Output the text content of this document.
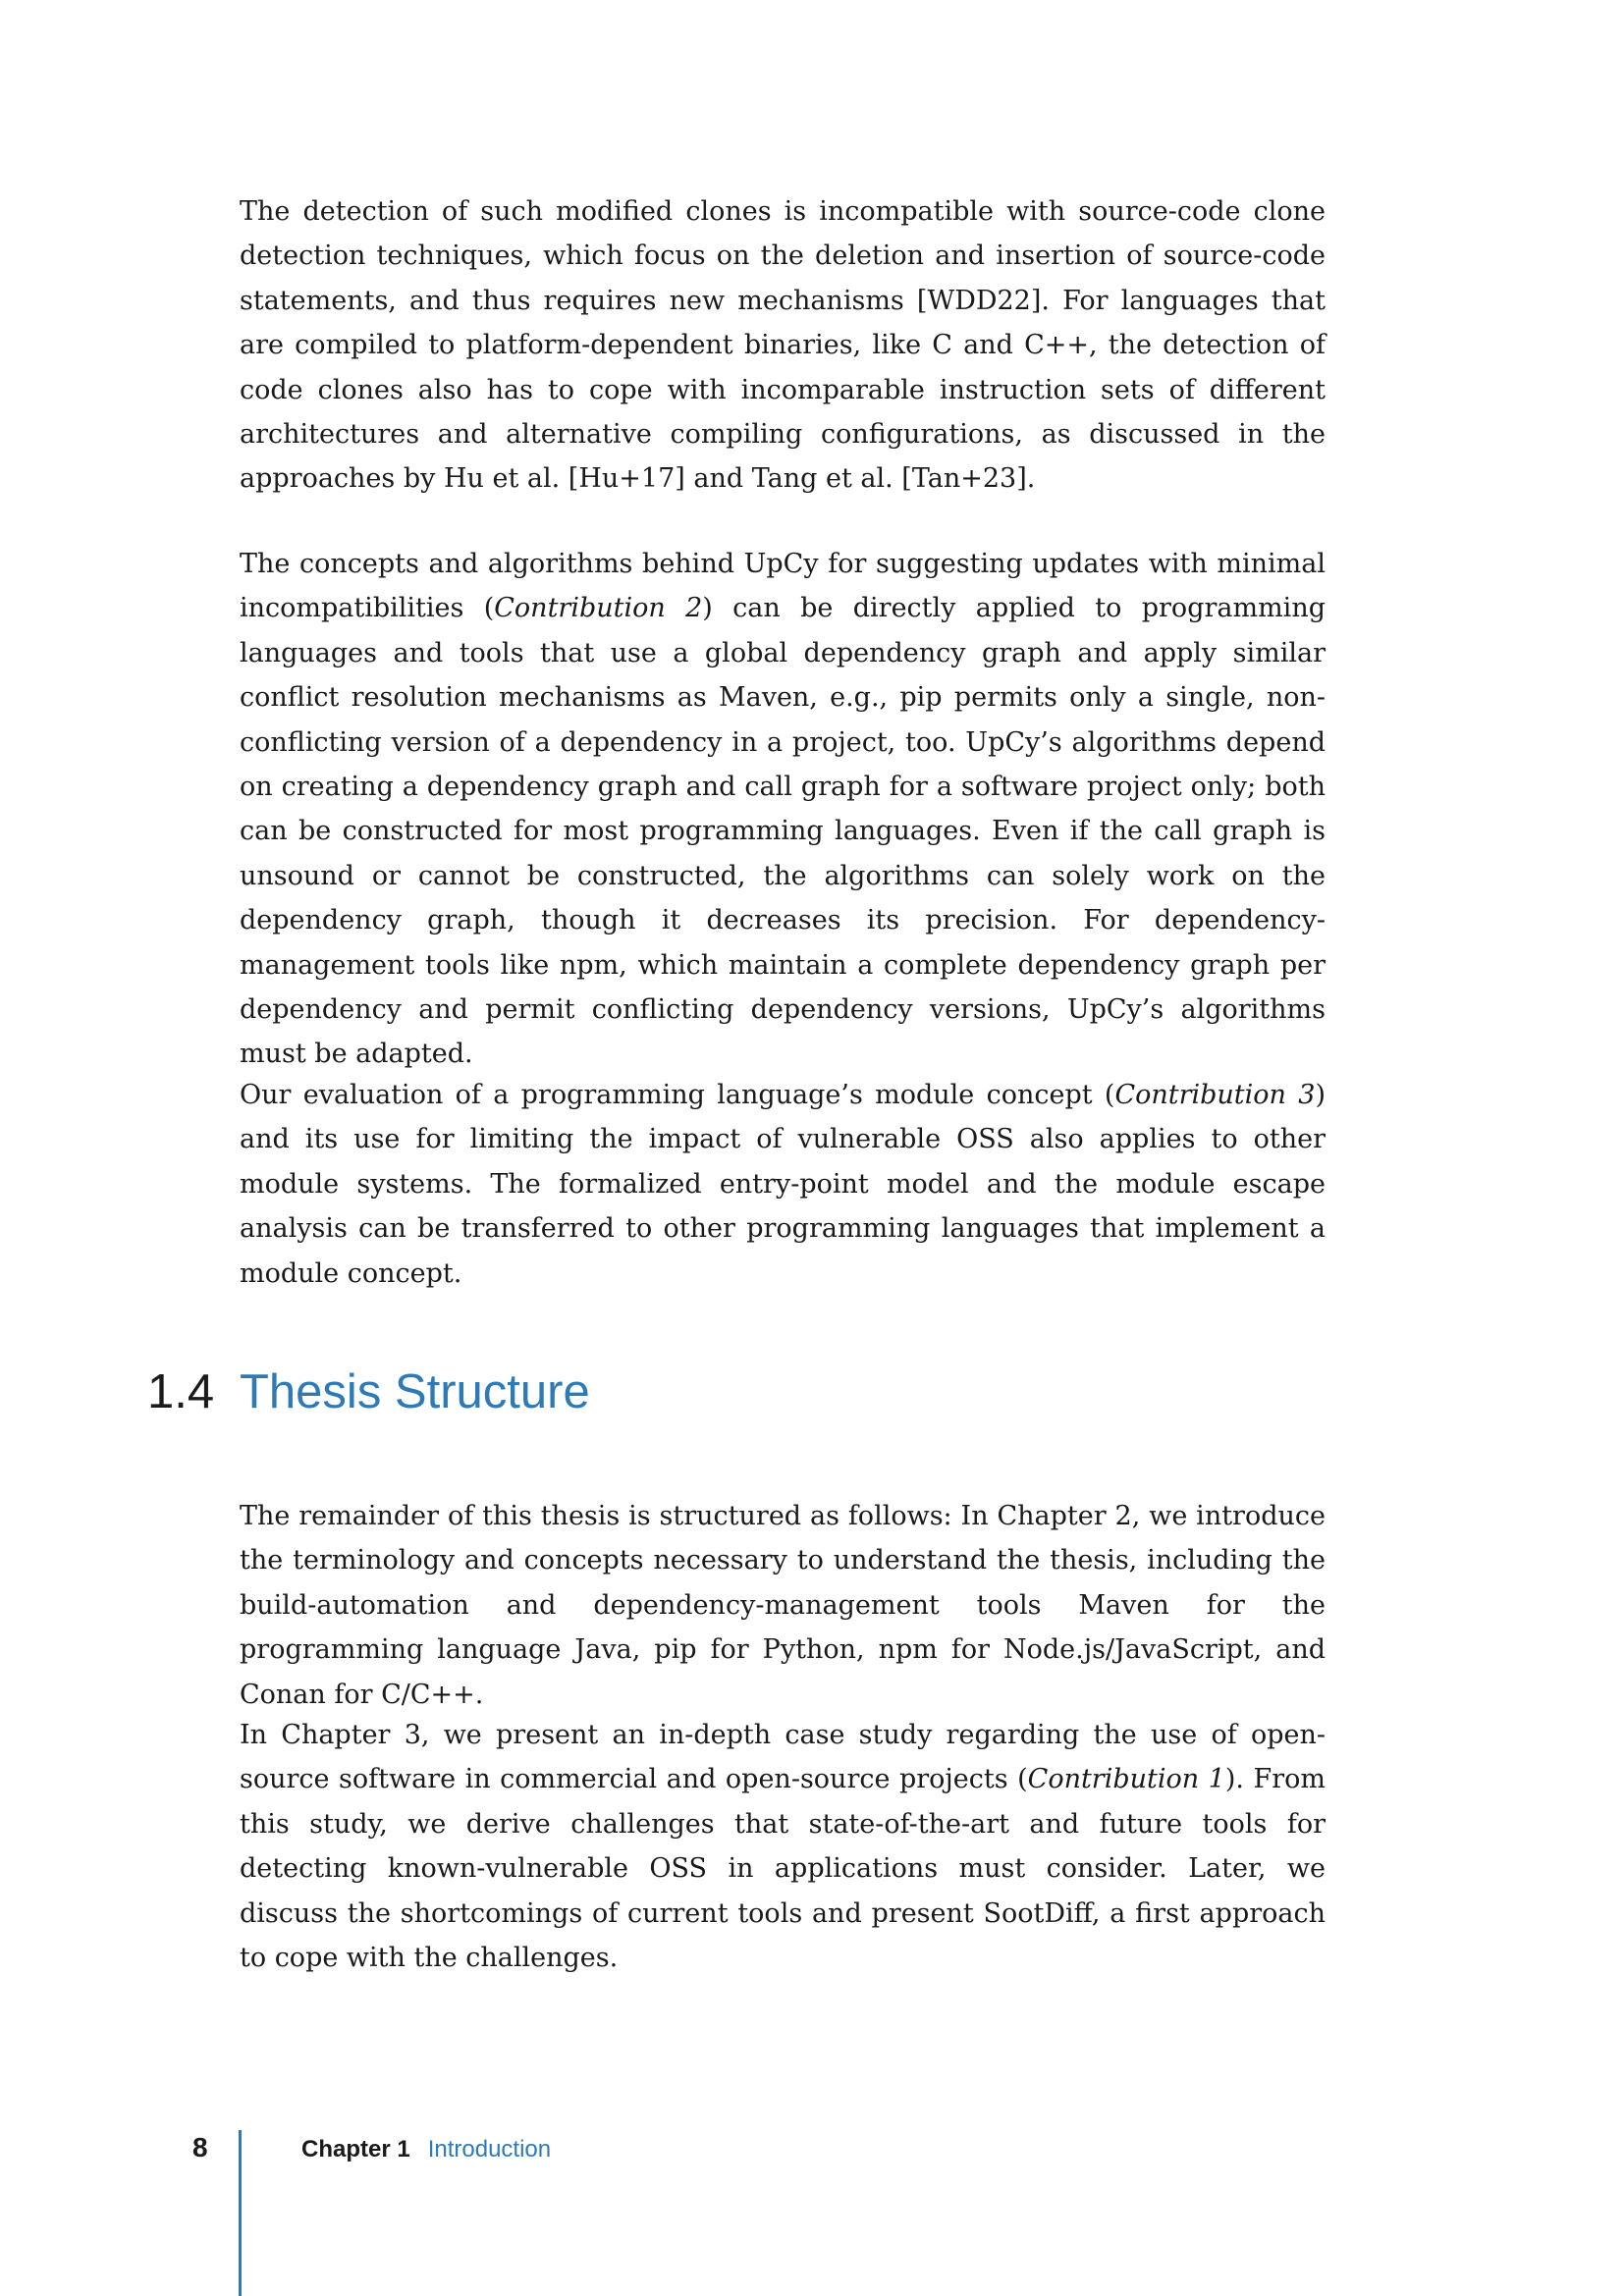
The detection of such modified clones is incompatible with source-code clone detection techniques, which focus on the deletion and insertion of source-code statements, and thus requires new mechanisms [WDD22]. For languages that are compiled to platform-dependent binaries, like C and C++, the detection of code clones also has to cope with incomparable instruction sets of different architectures and alternative compiling configurations, as discussed in the approaches by Hu et al. [Hu+17] and Tang et al. [Tan+23].

The concepts and algorithms behind UpCy for suggesting updates with minimal incompatibilities (Contribution 2) can be directly applied to programming languages and tools that use a global dependency graph and apply similar conflict resolution mechanisms as Maven, e.g., pip permits only a single, non-conflicting version of a dependency in a project, too. UpCy’s algorithms depend on creating a dependency graph and call graph for a software project only; both can be constructed for most programming languages. Even if the call graph is unsound or cannot be constructed, the algorithms can solely work on the dependency graph, though it decreases its precision. For dependency-management tools like npm, which maintain a complete dependency graph per dependency and permit conflicting dependency versions, UpCy’s algorithms must be adapted.

Our evaluation of a programming language’s module concept (Contribution 3) and its use for limiting the impact of vulnerable OSS also applies to other module systems. The formalized entry-point model and the module escape analysis can be transferred to other programming languages that implement a module concept.

1.4 Thesis Structure

The remainder of this thesis is structured as follows: In Chapter 2, we introduce the terminology and concepts necessary to understand the thesis, including the build-automation and dependency-management tools Maven for the programming language Java, pip for Python, npm for Node.js/JavaScript, and Conan for C/C++.

In Chapter 3, we present an in-depth case study regarding the use of open-source software in commercial and open-source projects (Contribution 1). From this study, we derive challenges that state-of-the-art and future tools for detecting known-vulnerable OSS in applications must consider. Later, we discuss the shortcomings of current tools and present SootDiff, a first approach to cope with the challenges.

8	Chapter 1 Introduction
